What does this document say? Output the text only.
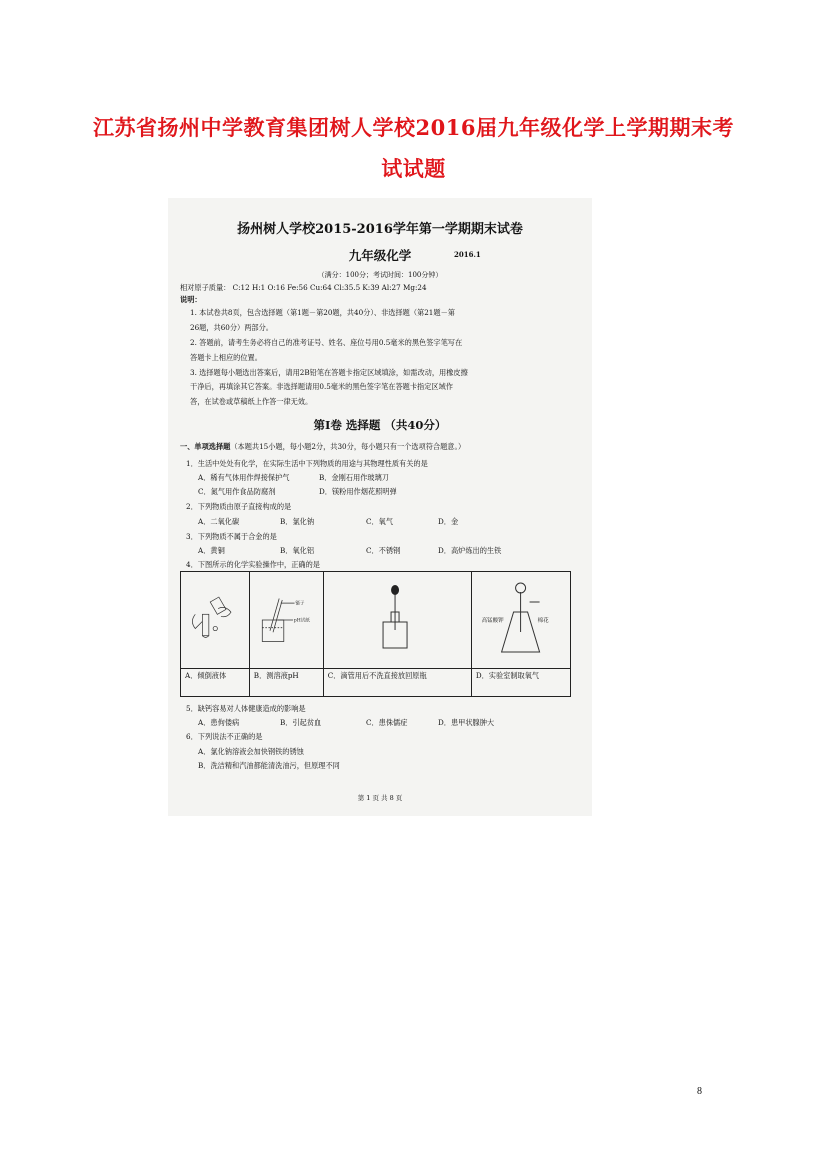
江苏省扬州中学教育集团树人学校2016届九年级化学上学期期末考
试试题
扬州树人学校2015-2016学年第一学期期末试卷
九年级化学	2016.1
（满分：100分；考试时间：100分钟）
相对原子质量： C:12 H:1 O:16 Fe:56 Cu:64 Cl:35.5 K:39 Al:27 Mg:24
说明：
1. 本试卷共8页，包含选择题（第1题－第20题，共40分）、非选择题（第21题－第
26题，共60分）两部分。
2. 答题前，请考生务必将自己的准考证号、姓名、座位号用0.5毫米的黑色签字笔写在
答题卡上相应的位置。
3. 选择题每小题选出答案后，请用2B铅笔在答题卡指定区域填涂，如需改动，用橡皮擦
干净后，再填涂其它答案。非选择题请用0.5毫米的黑色签字笔在答题卡指定区域作
答，在试卷或草稿纸上作答一律无效。
第Ⅰ卷 选择题 （共40分）
一、单项选择题（本题共15小题，每小题2分，共30分，每小题只有一个选项符合题意。）
1．生活中处处有化学，在实际生活中下列物质的用途与其物理性质有关的是
A．稀有气体用作焊接保护气	B．金刚石用作玻璃刀
C．氮气用作食品防腐剂	D．镁粉用作烟花照明弹
2．下列物质由原子直接构成的是
A．二氧化碳	B．氯化钠	C．氧气	D．金
3．下列物质不属于合金的是
A．黄铜	B．氧化铝	C．不锈钢	D．高炉炼出的生铁
4．下图所示的化学实验操作中，正确的是

镊子
pH试纸		高锰酸钾 棉花

A．倾倒液体	B．测溶液pH	C．滴管用后不洗直接放回原瓶	D．实验室制取氧气
5．缺钙容易对人体健康造成的影响是
A．患佝偻病	B．引起贫血	C．患侏儒症	D．患甲状腺肿大
6．下列说法不正确的是
A．氯化钠溶液会加快钢铁的锈蚀
B．洗洁精和汽油都能清洗油污，但原理不同
第 1 页 共 8 页
8
